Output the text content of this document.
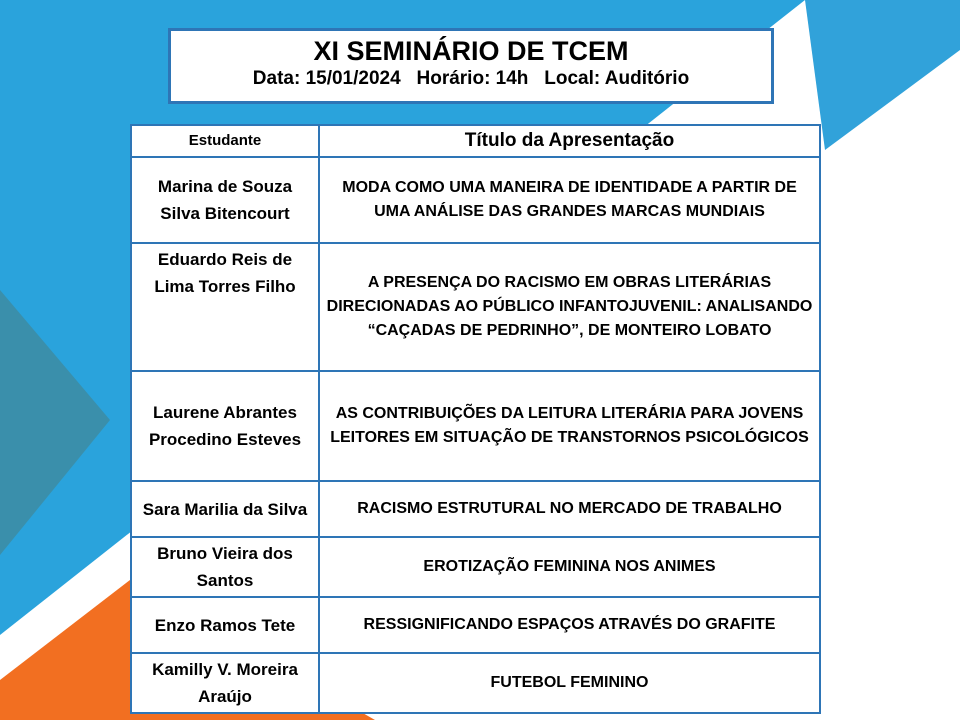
XI SEMINÁRIO DE TCEM
Data: 15/01/2024   Horário: 14h   Local: Auditório
Estudante	Título da Apresentação
Marina de Souza Silva Bitencourt	MODA COMO UMA MANEIRA DE IDENTIDADE A PARTIR DE UMA ANÁLISE DAS GRANDES MARCAS MUNDIAIS
Eduardo Reis de Lima Torres Filho	A PRESENÇA DO RACISMO EM OBRAS LITERÁRIAS DIRECIONADAS AO PÚBLICO INFANTOJUVENIL: ANALISANDO “CAÇADAS DE PEDRINHO”, DE MONTEIRO LOBATO
Laurene Abrantes Procedino Esteves	AS CONTRIBUIÇÕES DA LEITURA LITERÁRIA PARA JOVENS LEITORES EM SITUAÇÃO DE TRANSTORNOS PSICOLÓGICOS
Sara Marilia da Silva	RACISMO ESTRUTURAL NO MERCADO DE TRABALHO
Bruno Vieira dos Santos	EROTIZAÇÃO FEMININA NOS ANIMES
Enzo Ramos Tete	RESSIGNIFICANDO ESPAÇOS ATRAVÉS DO GRAFITE
Kamilly V. Moreira Araújo	FUTEBOL FEMININO
